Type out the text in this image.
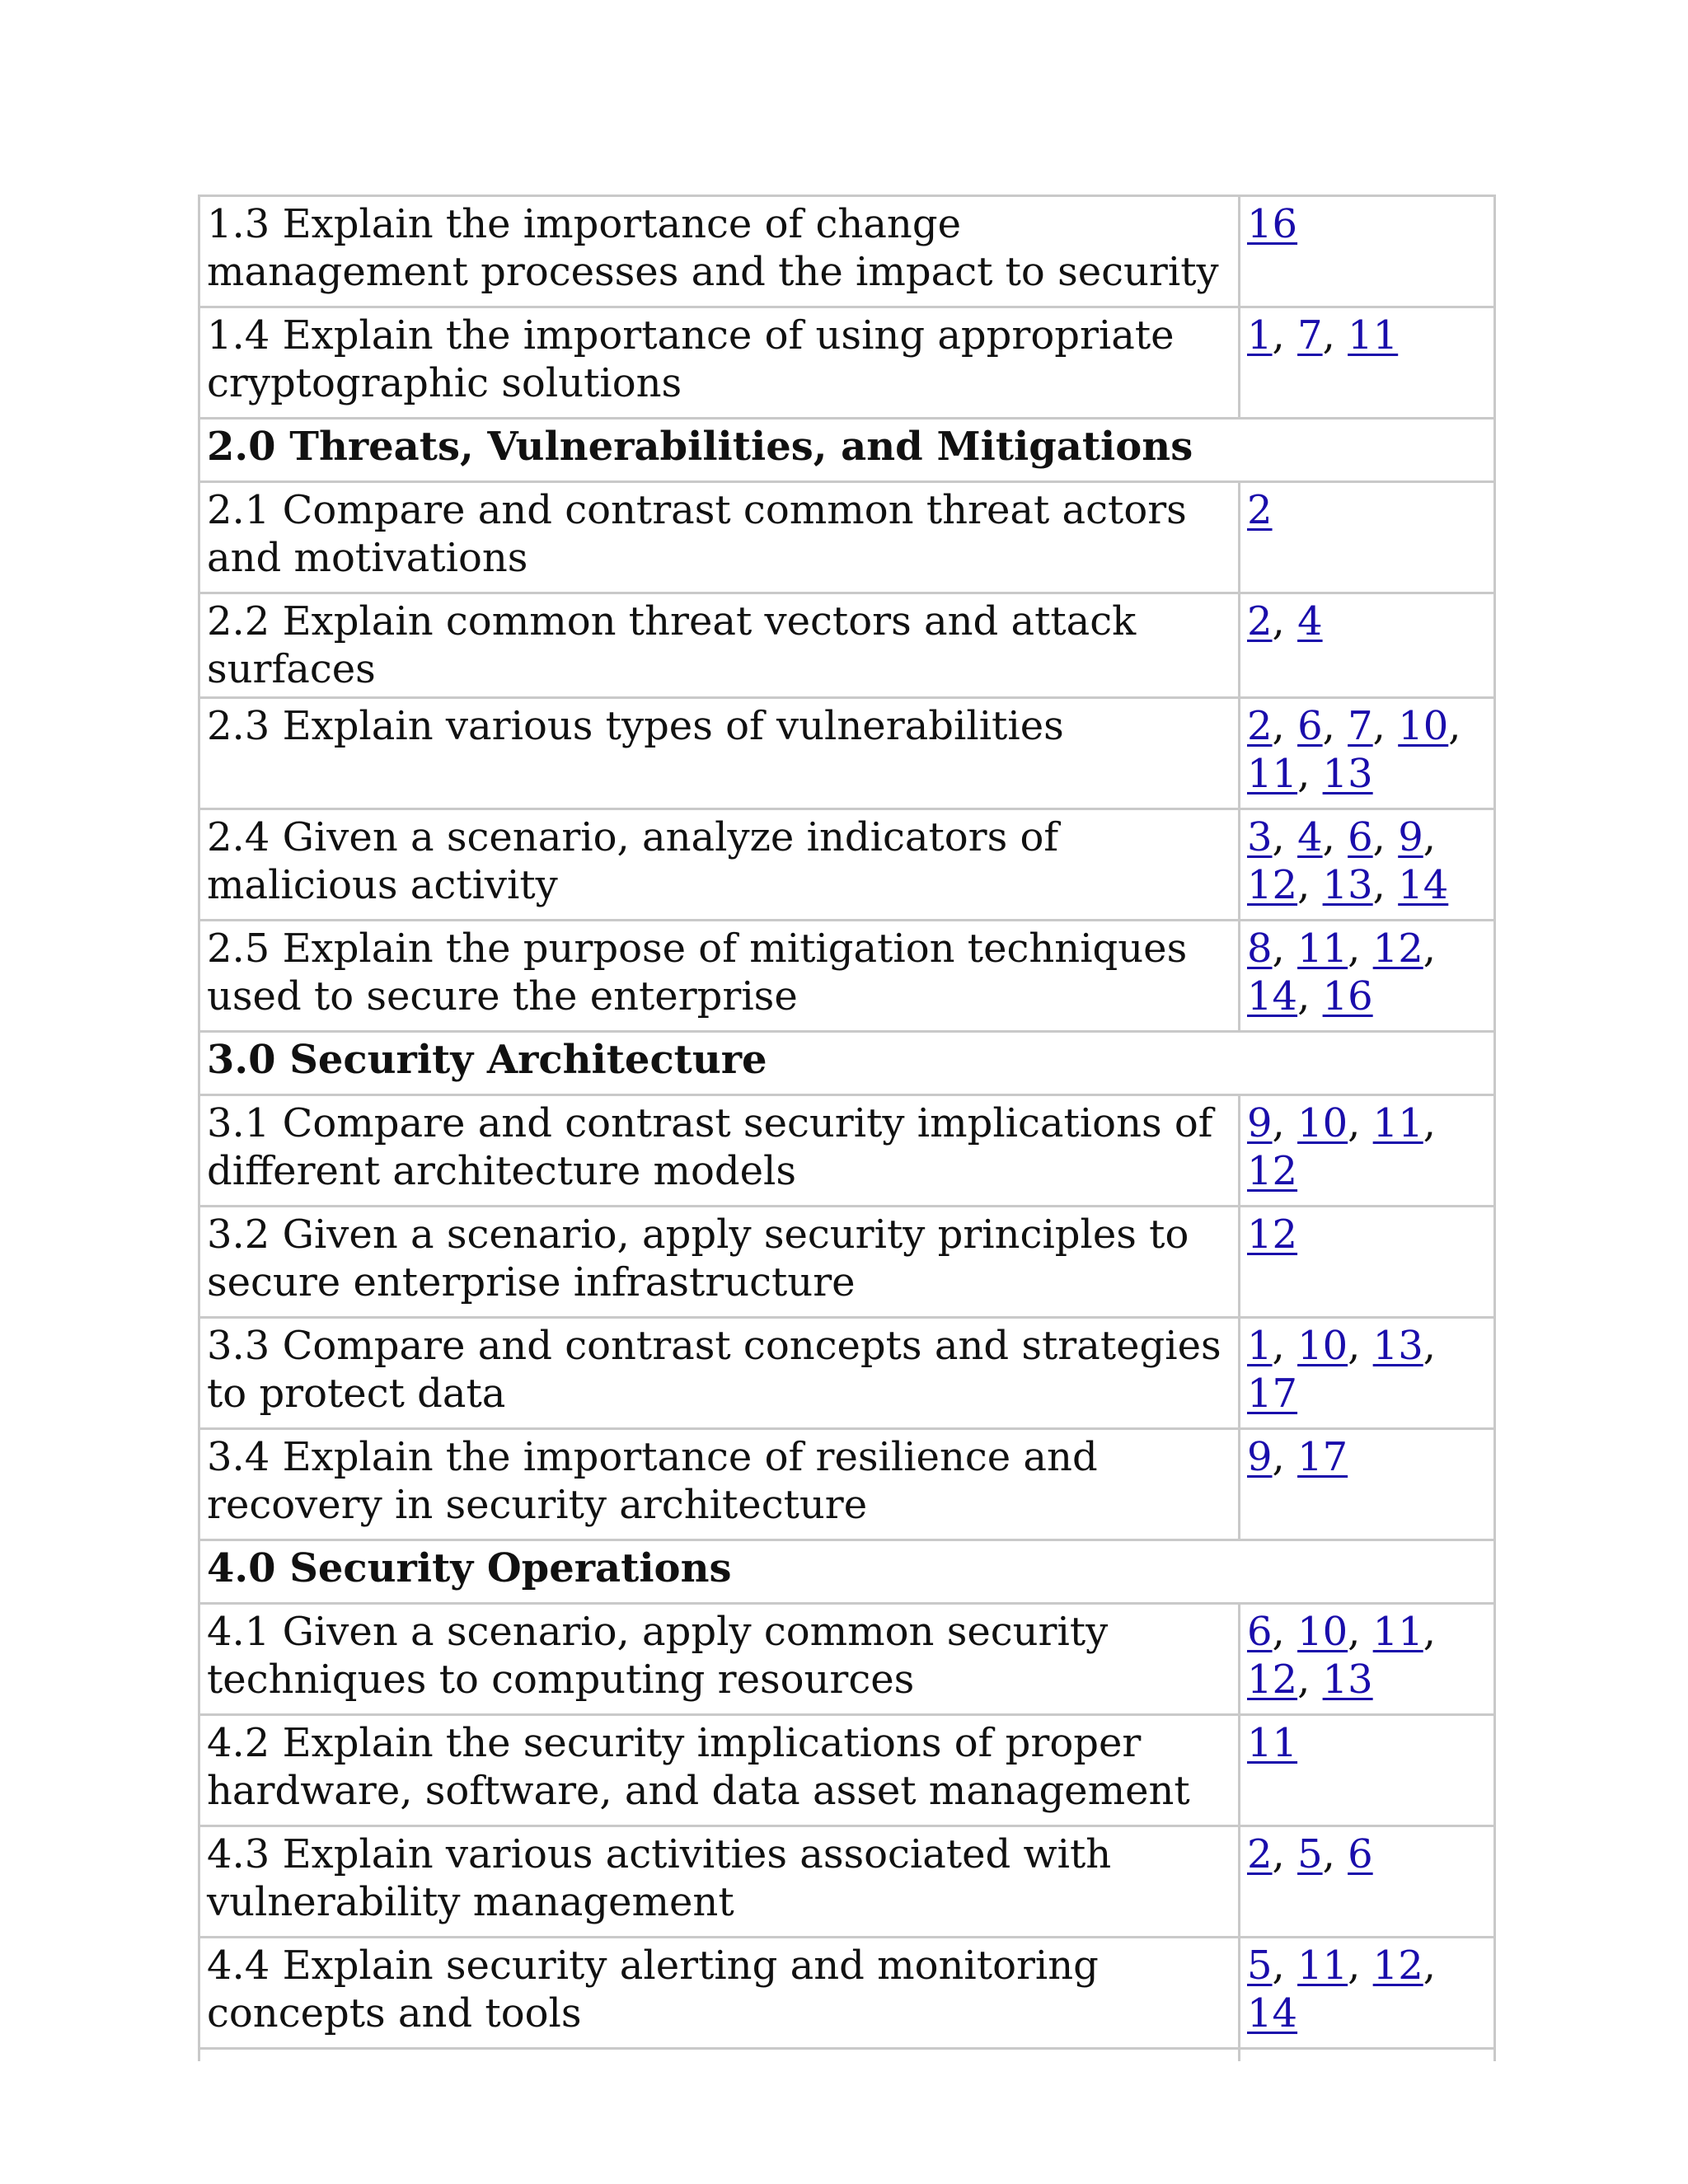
1.3 Explain the importance of change management processes and the impact to security	16
1.4 Explain the importance of using appropriate cryptographic solutions	1, 7, 11
2.0 Threats, Vulnerabilities, and Mitigations	
2.1 Compare and contrast common threat actors and motivations	2
2.2 Explain common threat vectors and attack surfaces	2, 4
2.3 Explain various types of vulnerabilities	2, 6, 7, 10, 11, 13
2.4 Given a scenario, analyze indicators of malicious activity	3, 4, 6, 9, 12, 13, 14
2.5 Explain the purpose of mitigation techniques used to secure the enterprise	8, 11, 12, 14, 16
3.0 Security Architecture	
3.1 Compare and contrast security implications of different architecture models	9, 10, 11, 12
3.2 Given a scenario, apply security principles to secure enterprise infrastructure	12
3.3 Compare and contrast concepts and strategies to protect data	1, 10, 13, 17
3.4 Explain the importance of resilience and recovery in security architecture	9, 17
4.0 Security Operations	
4.1 Given a scenario, apply common security techniques to computing resources	6, 10, 11, 12, 13
4.2 Explain the security implications of proper hardware, software, and data asset management	11
4.3 Explain various activities associated with vulnerability management	2, 5, 6
4.4 Explain security alerting and monitoring concepts and tools	5, 11, 12, 14
